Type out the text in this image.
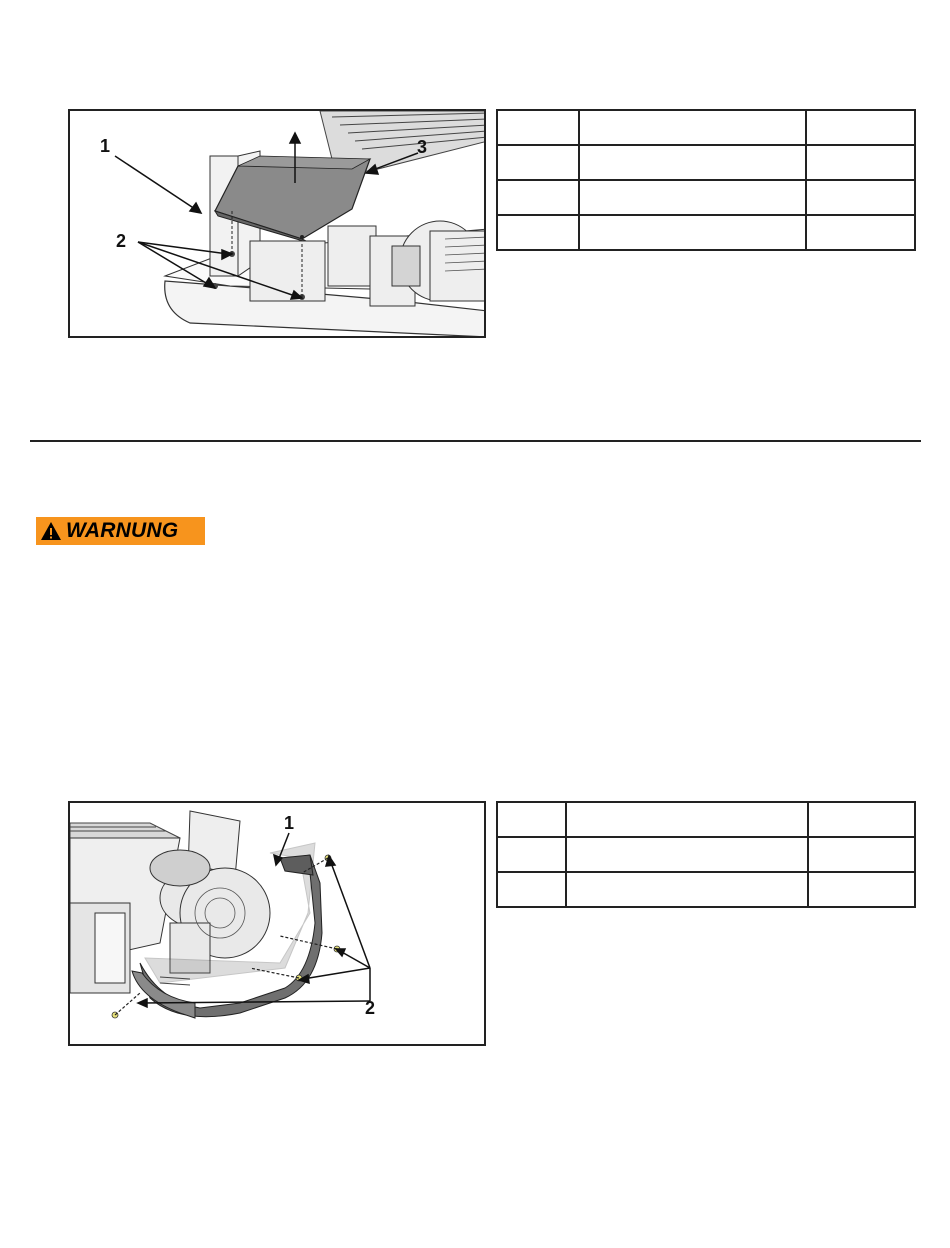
1
2
3

WARNUNG
1
2
